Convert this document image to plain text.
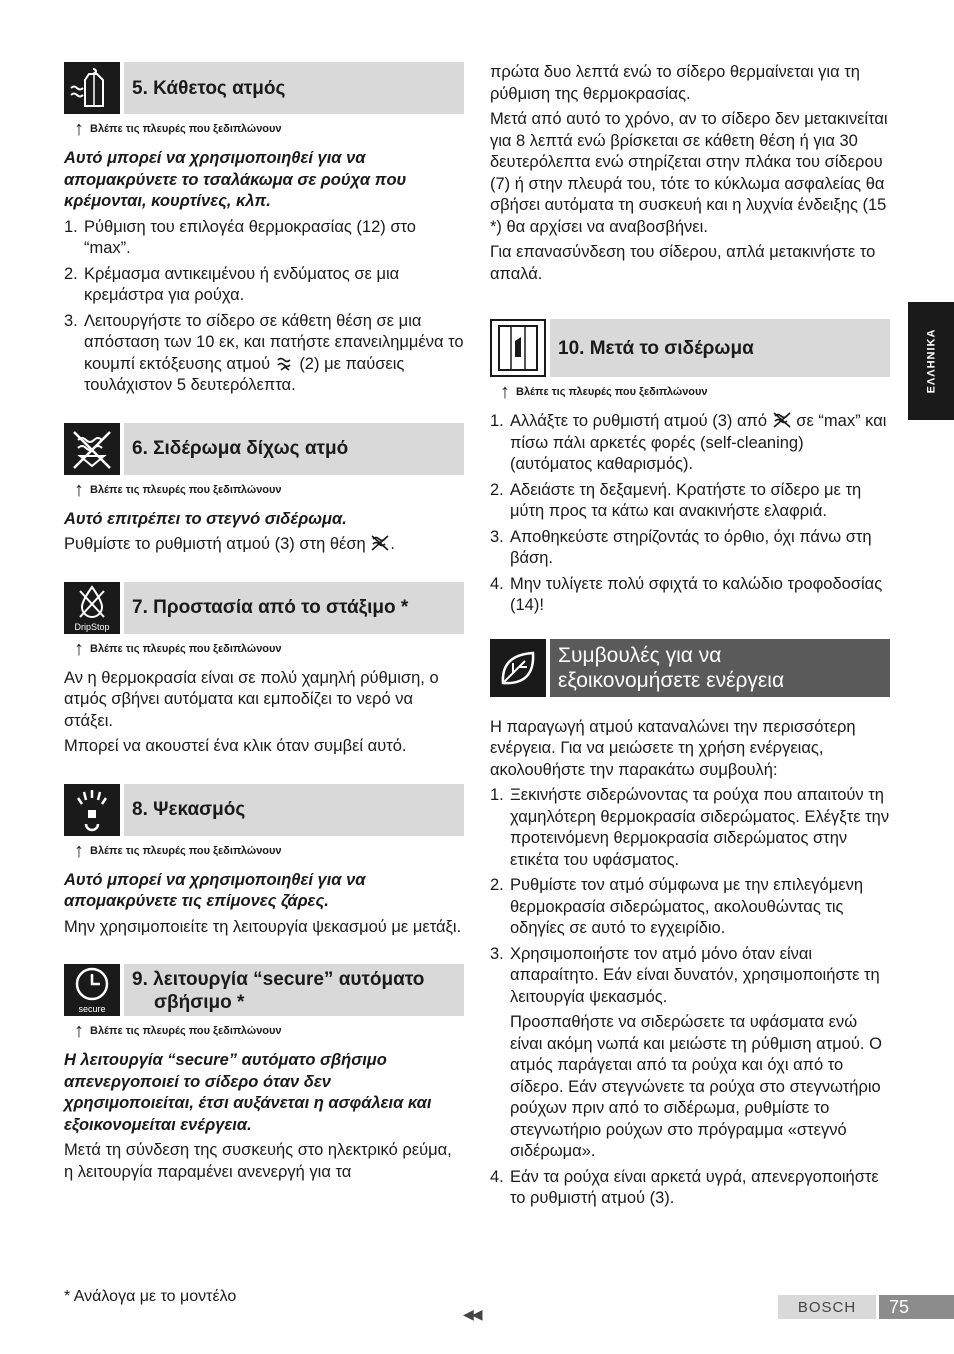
5. Κάθετος ατμός
↑ Βλέπε τις πλευρές που ξεδιπλώνουν

Αυτό μπορεί να χρησιμοποιηθεί για να απομακρύνετε το τσαλάκωμα σε ρούχα που κρέμονται, κουρτίνες, κλπ.

1. Ρύθμιση του επιλογέα θερμοκρασίας (12) στο “max”.
2. Κρέμασμα αντικειμένου ή ενδύματος σε μια κρεμάστρα για ρούχα.
3. Λειτουργήστε το σίδερο σε κάθετη θέση σε μια απόσταση των 10 εκ, και πατήστε επανειλημμένα το κουμπί εκτόξευσης ατμού (2) με παύσεις τουλάχιστον 5 δευτερόλεπτα.
6. Σιδέρωμα δίχως ατμό
↑ Βλέπε τις πλευρές που ξεδιπλώνουν

Αυτό επιτρέπει το στεγνό σιδέρωμα.

Ρυθμίστε το ρυθμιστή ατμού (3) στη θέση .

DripStop
7. Προστασία από το στάξιμο *
↑ Βλέπε τις πλευρές που ξεδιπλώνουν

Αν η θερμοκρασία είναι σε πολύ χαμηλή ρύθμιση, ο ατμός σβήνει αυτόματα και εμποδίζει το νερό να στάξει.

Μπορεί να ακουστεί ένα κλικ όταν συμβεί αυτό.

8. Ψεκασμός
↑ Βλέπε τις πλευρές που ξεδιπλώνουν

Αυτό μπορεί να χρησιμοποιηθεί για να απομακρύνετε τις επίμονες ζάρες.

Μην χρησιμοποιείτε τη λειτουργία ψεκασμού με μετάξι.

secure
9. λειτουργία “secure” αυτόματο
σβήσιμο *
↑ Βλέπε τις πλευρές που ξεδιπλώνουν

Η λειτουργία “secure” αυτόματο σβήσιμο απενεργοποιεί το σίδερο όταν δεν χρησιμοποιείται, έτσι αυξάνεται η ασφάλεια και εξοικονομείται ενέργεια.

Μετά τη σύνδεση της συσκευής στο ηλεκτρικό ρεύμα, η λειτουργία παραμένει ανενεργή για τα

πρώτα δυο λεπτά ενώ το σίδερο θερμαίνεται για τη ρύθμιση της θερμοκρασίας.

Μετά από αυτό το χρόνο, αν το σίδερο δεν μετακινείται για 8 λεπτά ενώ βρίσκεται σε κάθετη θέση ή για 30 δευτερόλεπτα ενώ στηρίζεται στην πλάκα του σίδερου (7) ή στην πλευρά του, τότε το κύκλωμα ασφαλείας θα σβήσει αυτόματα τη συσκευή και η λυχνία ένδειξης (15 *) θα αρχίσει να αναβοσβήνει.

Για επανασύνδεση του σίδερου, απλά μετακινήστε το απαλά.

10. Μετά το σιδέρωμα
↑ Βλέπε τις πλευρές που ξεδιπλώνουν
1. Αλλάξτε το ρυθμιστή ατμού (3) από σε “max” και πίσω πάλι αρκετές φορές (self-cleaning) (αυτόματος καθαρισμός).
2. Αδειάστε τη δεξαμενή. Κρατήστε το σίδερο με τη μύτη προς τα κάτω και ανακινήστε ελαφριά.
3. Αποθηκεύστε στηρίζοντάς το όρθιο, όχι πάνω στη βάση.
4. Μην τυλίγετε πολύ σφιχτά το καλώδιο τροφοδοσίας (14)!
Συμβουλές για να
εξοικονομήσετε ενέργεια

Η παραγωγή ατμού καταναλώνει την περισσότερη ενέργεια. Για να μειώσετε τη χρήση ενέργειας, ακολουθήστε την παρακάτω συμβουλή:

1. Ξεκινήστε σιδερώνοντας τα ρούχα που απαιτούν τη χαμηλότερη θερμοκρασία σιδερώματος. Ελέγξτε την προτεινόμενη θερμοκρασία σιδερώματος στην ετικέτα του υφάσματος.
2. Ρυθμίστε τον ατμό σύμφωνα με την επιλεγόμενη θερμοκρασία σιδερώματος, ακολουθώντας τις οδηγίες σε αυτό το εγχειρίδιο.
3. Χρησιμοποιήστε τον ατμό μόνο όταν είναι απαραίτητο. Εάν είναι δυνατόν, χρησιμοποιήστε τη λειτουργία ψεκασμός.

Προσπαθήστε να σιδερώσετε τα υφάσματα ενώ είναι ακόμη νωπά και μειώστε τη ρύθμιση ατμού. Ο ατμός παράγεται από τα ρούχα και όχι από το σίδερο. Εάν στεγνώνετε τα ρούχα στο στεγνωτήριο ρούχων πριν από το σιδέρωμα, ρυθμίστε το στεγνωτήριο ρούχων στο πρόγραμμα «στεγνό σιδέρωμα».

4. Εάν τα ρούχα είναι αρκετά υγρά, απενεργοποιήστε το ρυθμιστή ατμού (3).
ΕΛΛΗΝΙΚΑ
* Ανάλογα με το μοντέλο
◀◀	BOSCH	75
